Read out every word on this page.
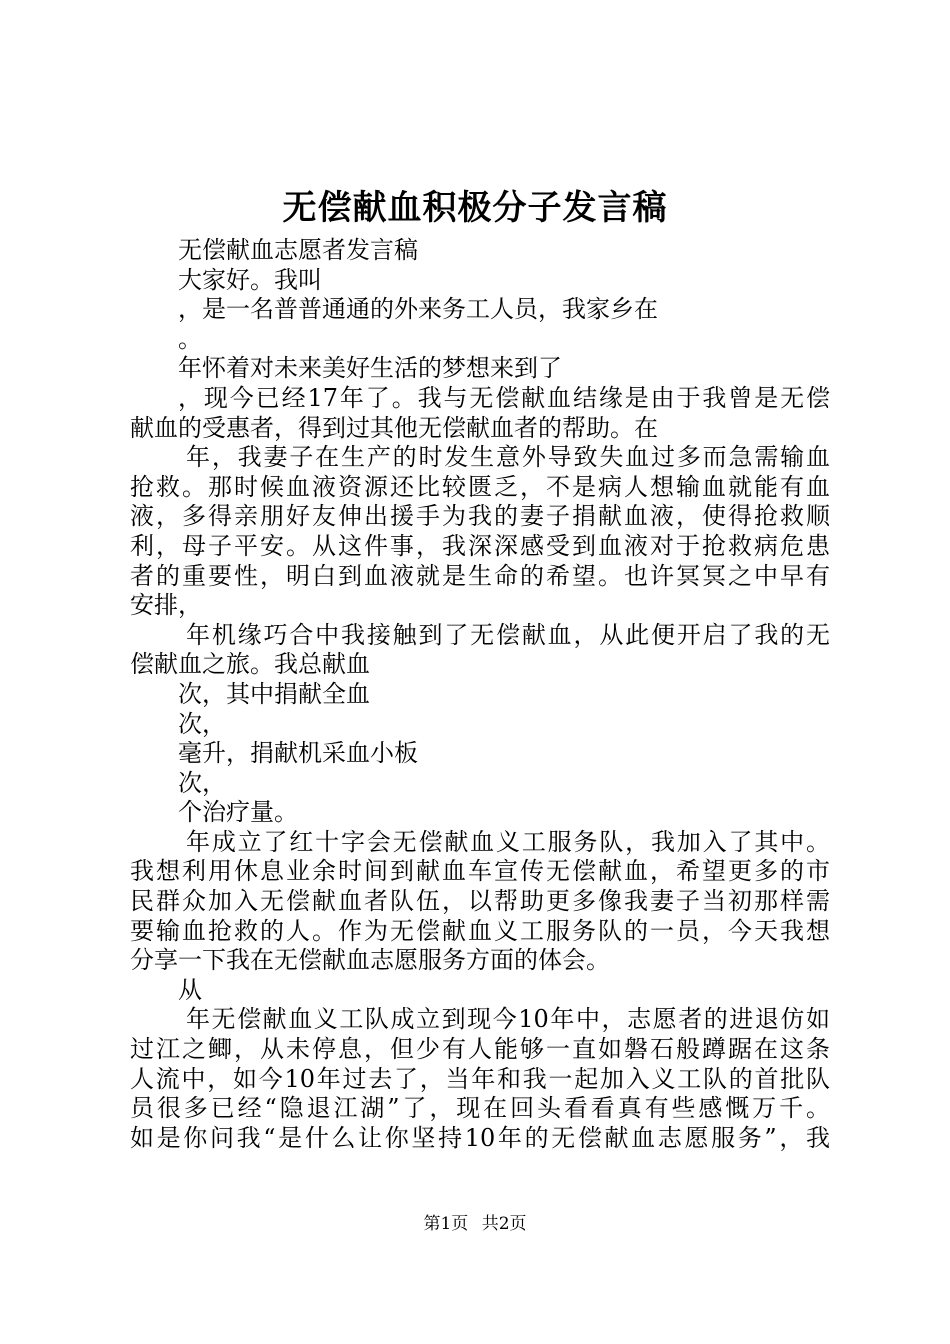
无偿献血积极分子发言稿
无偿献血志愿者发言稿
大家好。我叫
，是一名普普通通的外来务工人员，我家乡在
。
年怀着对未来美好生活的梦想来到了
，现今已经17年了。我与无偿献血结缘是由于我曾是无偿
献血的受惠者，得到过其他无偿献血者的帮助。在
年，我妻子在生产的时发生意外导致失血过多而急需输血
抢救。那时候血液资源还比较匮乏，不是病人想输血就能有血
液，多得亲朋好友伸出援手为我的妻子捐献血液，使得抢救顺
利，母子平安。从这件事，我深深感受到血液对于抢救病危患
者的重要性，明白到血液就是生命的希望。也许冥冥之中早有
安排，
年机缘巧合中我接触到了无偿献血，从此便开启了我的无
偿献血之旅。我总献血
次，其中捐献全血
次，
毫升，捐献机采血小板
次，
个治疗量。
年成立了红十字会无偿献血义工服务队，我加入了其中。
我想利用休息业余时间到献血车宣传无偿献血，希望更多的市
民群众加入无偿献血者队伍，以帮助更多像我妻子当初那样需
要输血抢救的人。作为无偿献血义工服务队的一员，今天我想
分享一下我在无偿献血志愿服务方面的体会。
从
年无偿献血义工队成立到现今10年中，志愿者的进退仿如
过江之鲫，从未停息，但少有人能够一直如磐石般蹲踞在这条
人流中，如今10年过去了，当年和我一起加入义工队的首批队
员很多已经“隐退江湖”了，现在回头看看真有些感慨万千。
如是你问我“是什么让你坚持10年的无偿献血志愿服务”，我
第1页 共2页
